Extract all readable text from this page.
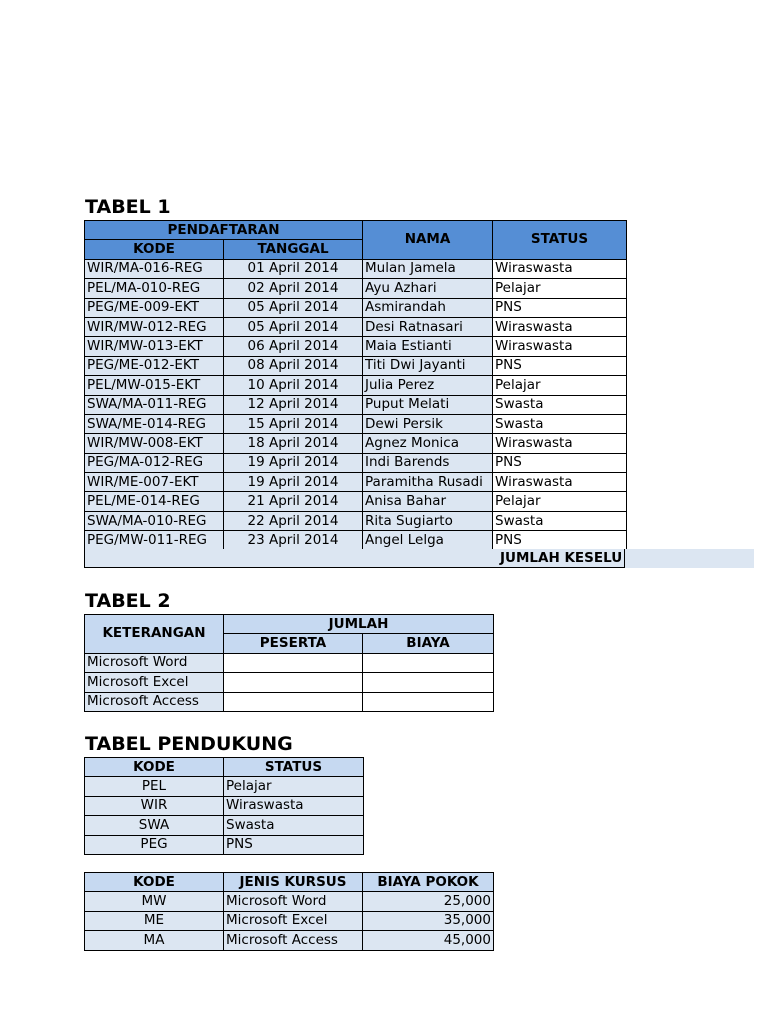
TABEL 1
PENDAFTARAN		NAMA	STATUS
KODE	TANGGAL		
WIR/MA-016-REG	01 April 2014	Mulan Jamela	Wiraswasta
PEL/MA-010-REG	02 April 2014	Ayu Azhari	Pelajar
PEG/ME-009-EKT	05 April 2014	Asmirandah	PNS
WIR/MW-012-REG	05 April 2014	Desi Ratnasari	Wiraswasta
WIR/MW-013-EKT	06 April 2014	Maia Estianti	Wiraswasta
PEG/ME-012-EKT	08 April 2014	Titi Dwi Jayanti	PNS
PEL/MW-015-EKT	10 April 2014	Julia Perez	Pelajar
SWA/MA-011-REG	12 April 2014	Puput Melati	Swasta
SWA/ME-014-REG	15 April 2014	Dewi Persik	Swasta
WIR/MW-008-EKT	18 April 2014	Agnez Monica	Wiraswasta
PEG/MA-012-REG	19 April 2014	Indi Barends	PNS
WIR/ME-007-EKT	19 April 2014	Paramitha Rusadi	Wiraswasta
PEL/ME-014-REG	21 April 2014	Anisa Bahar	Pelajar
SWA/MA-010-REG	22 April 2014	Rita Sugiarto	Swasta
PEG/MW-011-REG	23 April 2014	Angel Lelga	PNS
JUMLAH KESELU
TABEL 2
KETERANGAN	JUMLAH	
	PESERTA	BIAYA
Microsoft Word		
Microsoft Excel		
Microsoft Access		
TABEL PENDUKUNG
KODE	STATUS
PEL	Pelajar
WIR	Wiraswasta
SWA	Swasta
PEG	PNS
KODE	JENIS KURSUS	BIAYA POKOK
MW	Microsoft Word	25,000
ME	Microsoft Excel	35,000
MA	Microsoft Access	45,000
